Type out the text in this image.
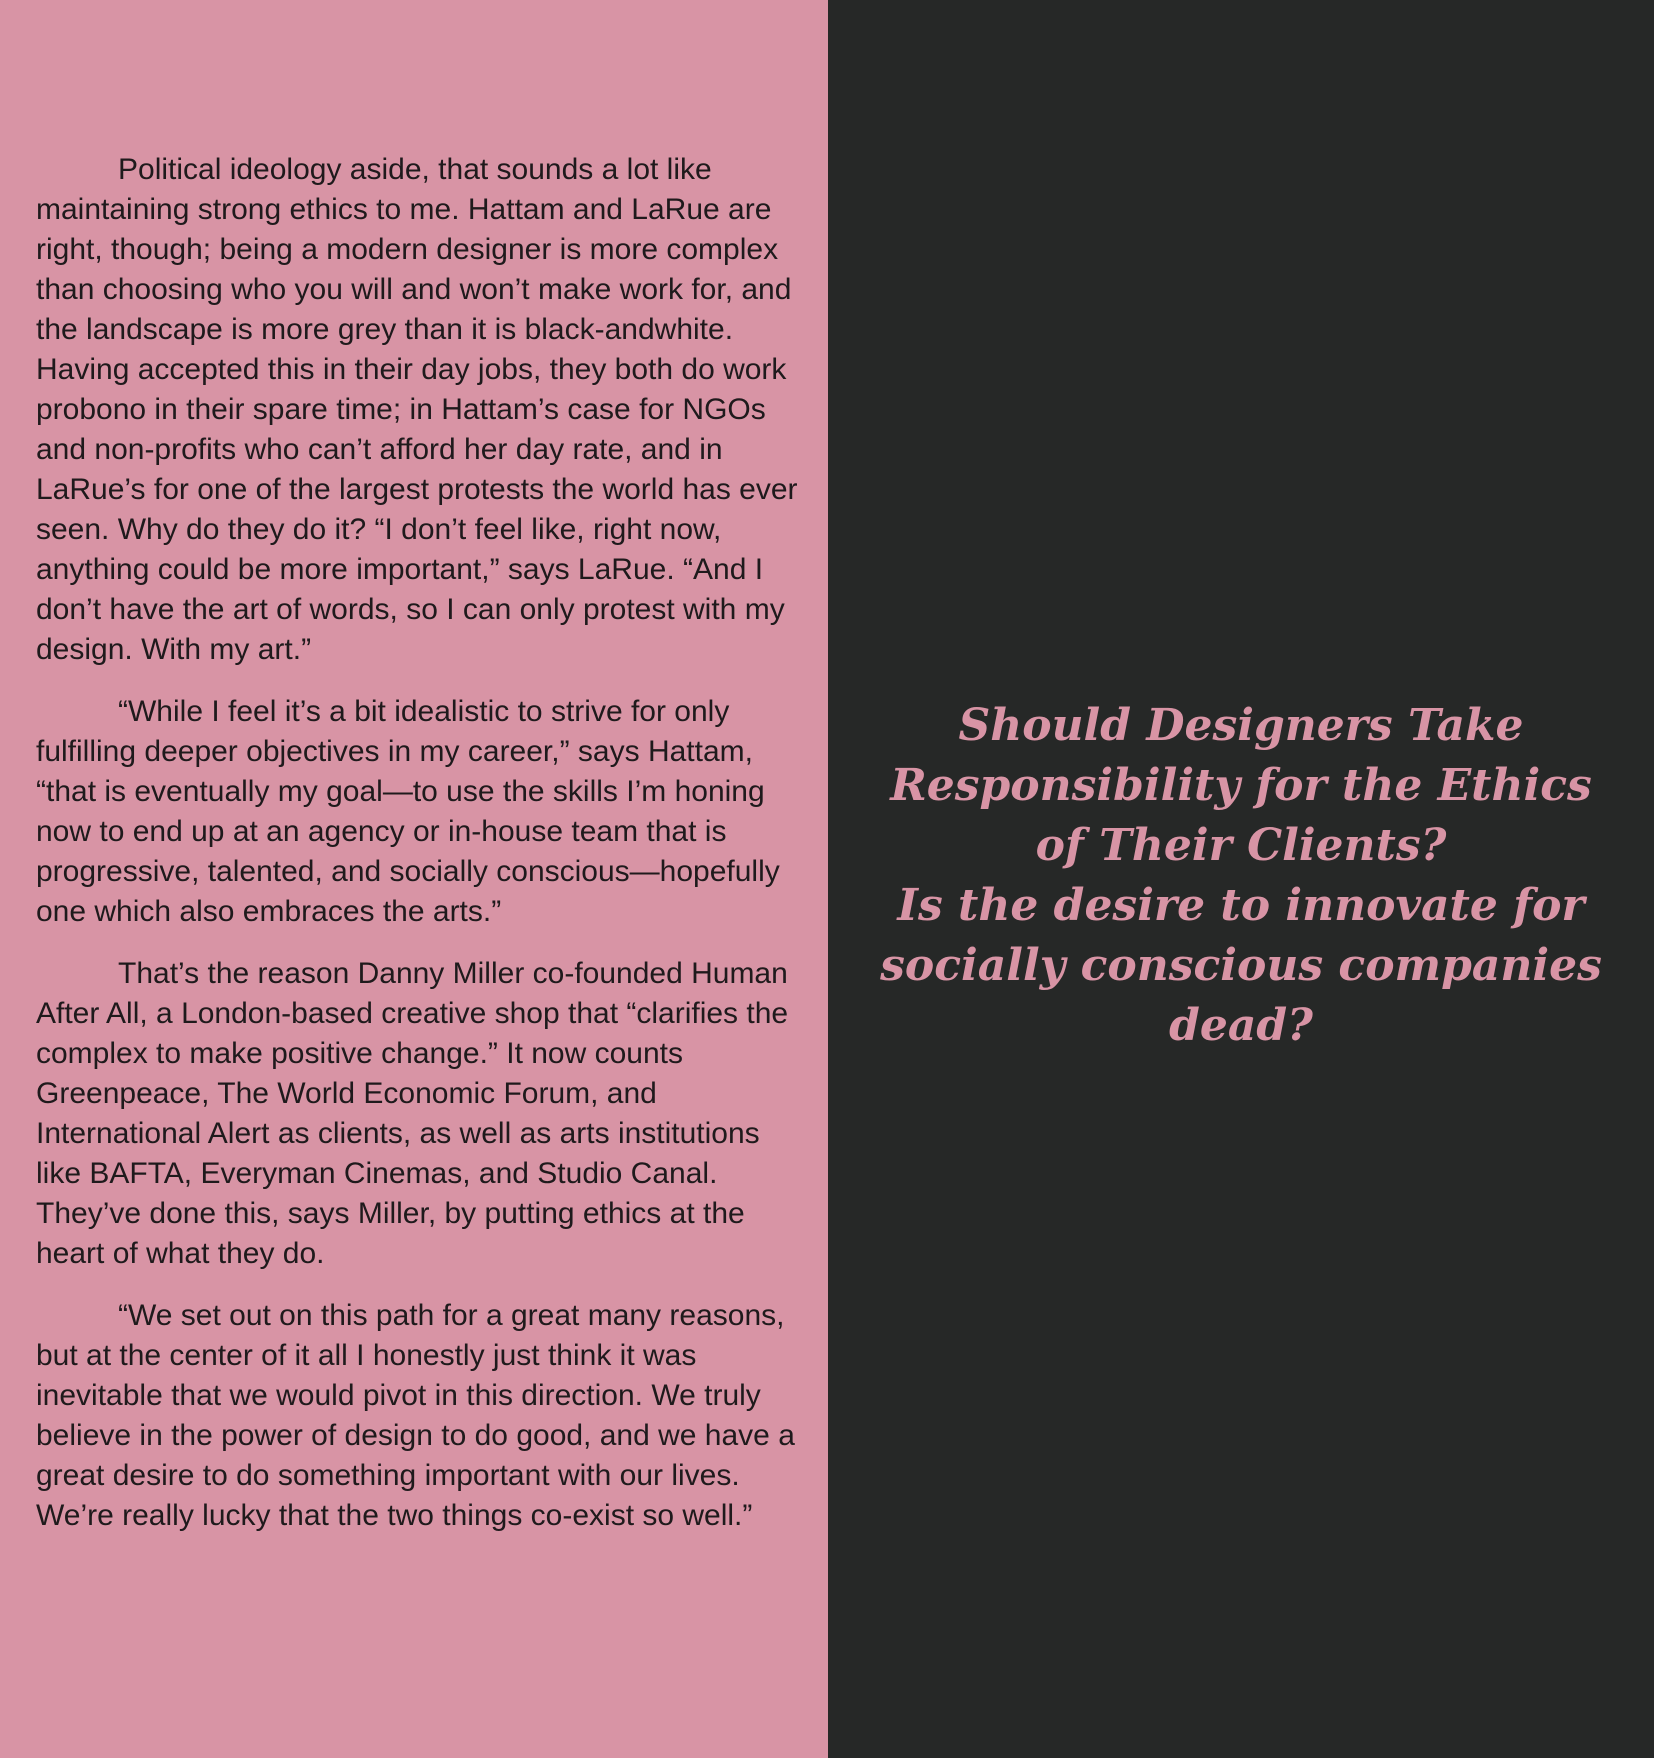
Political ideology aside, that sounds a lot like maintaining strong ethics to me. Hattam and LaRue are right, though; being a modern designer is more complex than choosing who you will and won’t make work for, and the landscape is more grey than it is black-andwhite. Having accepted this in their day jobs, they both do work probono in their spare time; in Hattam’s case for NGOs and non-profits who can’t afford her day rate, and in LaRue’s for one of the largest protests the world has ever seen. Why do they do it? “I don’t feel like, right now, anything could be more important,” says LaRue. “And I don’t have the art of words, so I can only protest with my design. With my art.”

“While I feel it’s a bit idealistic to strive for only fulfilling deeper objectives in my career,” says Hattam, “that is eventually my goal—to use the skills I’m honing now to end up at an agency or in-house team that is progressive, talented, and socially conscious—hopefully one which also embraces the arts.”

That’s the reason Danny Miller co-founded Human After All, a London-based creative shop that “clarifies the complex to make positive change.” It now counts Greenpeace, The World Economic Forum, and International Alert as clients, as well as arts institutions like BAFTA, Everyman Cinemas, and Studio Canal. They’ve done this, says Miller, by putting ethics at the heart of what they do.

“We set out on this path for a great many reasons, but at the center of it all I honestly just think it was inevitable that we would pivot in this direction. We truly believe in the power of design to do good, and we have a great desire to do something important with our lives. We’re really lucky that the two things co-exist so well.”

Should Designers Take Responsibility for the Ethics of Their Clients?
Is the desire to innovate for socially conscious companies dead?
